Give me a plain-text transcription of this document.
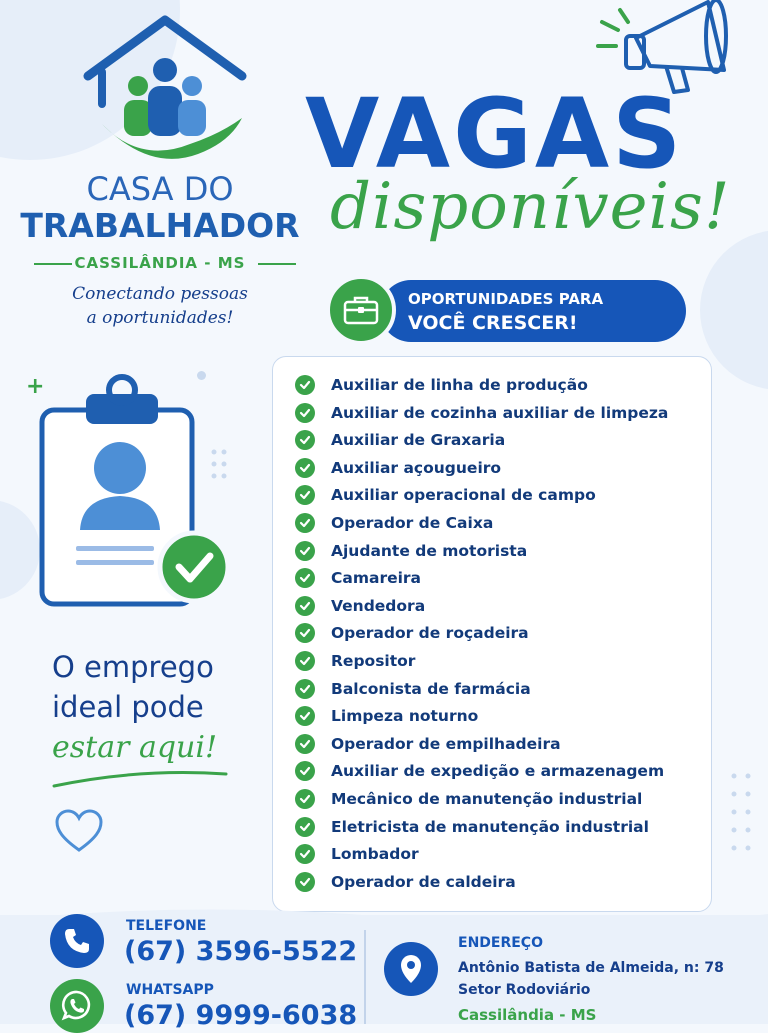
CASA DO
TRABALHADOR
CASSILÂNDIA - MS
Conectando pessoas
a oportunidades!
VAGAS
disponíveis!
OPORTUNIDADES PARA
VOCÊ CRESCER!
+
O emprego
ideal pode
estar aqui!
Auxiliar de linha de produção
Auxiliar de cozinha auxiliar de limpeza
Auxiliar de Graxaria
Auxiliar açougueiro
Auxiliar operacional de campo
Operador de Caixa
Ajudante de motorista
Camareira
Vendedora
Operador de roçadeira
Repositor
Balconista de farmácia
Limpeza noturno
Operador de empilhadeira
Auxiliar de expedição e armazenagem
Mecânico de manutenção industrial
Eletricista de manutenção industrial
Lombador
Operador de caldeira
TELEFONE
(67) 3596-5522
WHATSAPP
(67) 9999-6038
ENDEREÇO
Antônio Batista de Almeida, n: 78
Setor Rodoviário
Cassilândia - MS
